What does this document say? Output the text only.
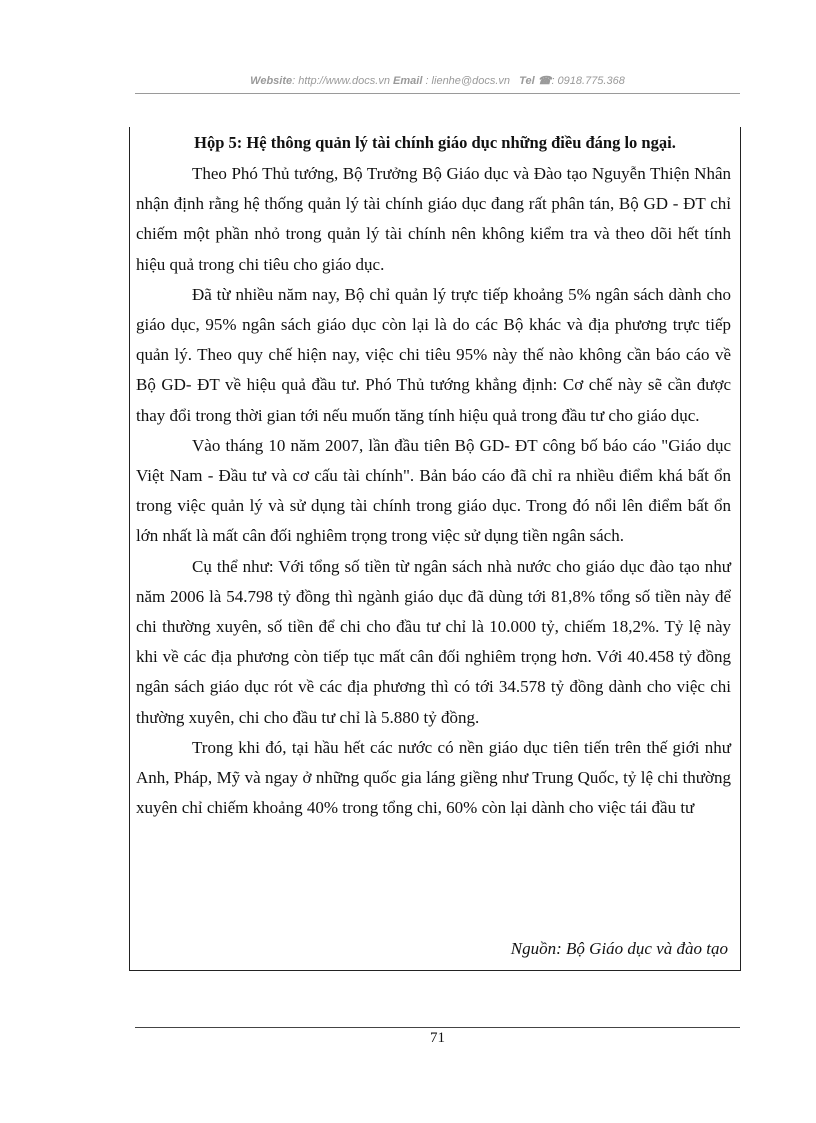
Website: http://www.docs.vn Email : lienhe@docs.vn Tel ☎: 0918.775.368
Hộp 5: Hệ thông quản lý tài chính giáo dục những điều đáng lo ngại.

Theo Phó Thủ tướng, Bộ Trưởng Bộ Giáo dục và Đào tạo Nguyễn Thiện Nhân nhận định rằng hệ thống quản lý tài chính giáo dục đang rất phân tán, Bộ GD - ĐT chỉ chiếm một phần nhỏ trong quản lý tài chính nên không kiểm tra và theo dõi hết tính hiệu quả trong chi tiêu cho giáo dục.

Đã từ nhiều năm nay, Bộ chỉ quản lý trực tiếp khoảng 5% ngân sách dành cho giáo dục, 95% ngân sách giáo dục còn lại là do các Bộ khác và địa phương trực tiếp quản lý. Theo quy chế hiện nay, việc chi tiêu 95% này thế nào không cần báo cáo về Bộ GD- ĐT về hiệu quả đầu tư. Phó Thủ tướng khẳng định: Cơ chế này sẽ cần được thay đổi trong thời gian tới nếu muốn tăng tính hiệu quả trong đầu tư cho giáo dục.

Vào tháng 10 năm 2007, lần đầu tiên Bộ GD- ĐT công bố báo cáo "Giáo dục Việt Nam - Đầu tư và cơ cấu tài chính". Bản báo cáo đã chỉ ra nhiều điểm khá bất ổn trong việc quản lý và sử dụng tài chính trong giáo dục. Trong đó nổi lên điểm bất ổn lớn nhất là mất cân đối nghiêm trọng trong việc sử dụng tiền ngân sách.

Cụ thể như: Với tổng số tiền từ ngân sách nhà nước cho giáo dục đào tạo như năm 2006 là 54.798 tỷ đồng thì ngành giáo dục đã dùng tới 81,8% tổng số tiền này để chi thường xuyên, số tiền để chi cho đầu tư chỉ là 10.000 tỷ, chiếm 18,2%. Tỷ lệ này khi về các địa phương còn tiếp tục mất cân đối nghiêm trọng hơn. Với 40.458 tỷ đồng ngân sách giáo dục rót về các địa phương thì có tới 34.578 tỷ đồng dành cho việc chi thường xuyên, chi cho đầu tư chỉ là 5.880 tỷ đồng.

Trong khi đó, tại hầu hết các nước có nền giáo dục tiên tiến trên thế giới như Anh, Pháp, Mỹ và ngay ở những quốc gia láng giềng như Trung Quốc, tỷ lệ chi thường xuyên chỉ chiếm khoảng 40% trong tổng chi, 60% còn lại dành cho việc tái đầu tư

Nguồn: Bộ Giáo dục và đào tạo
71
